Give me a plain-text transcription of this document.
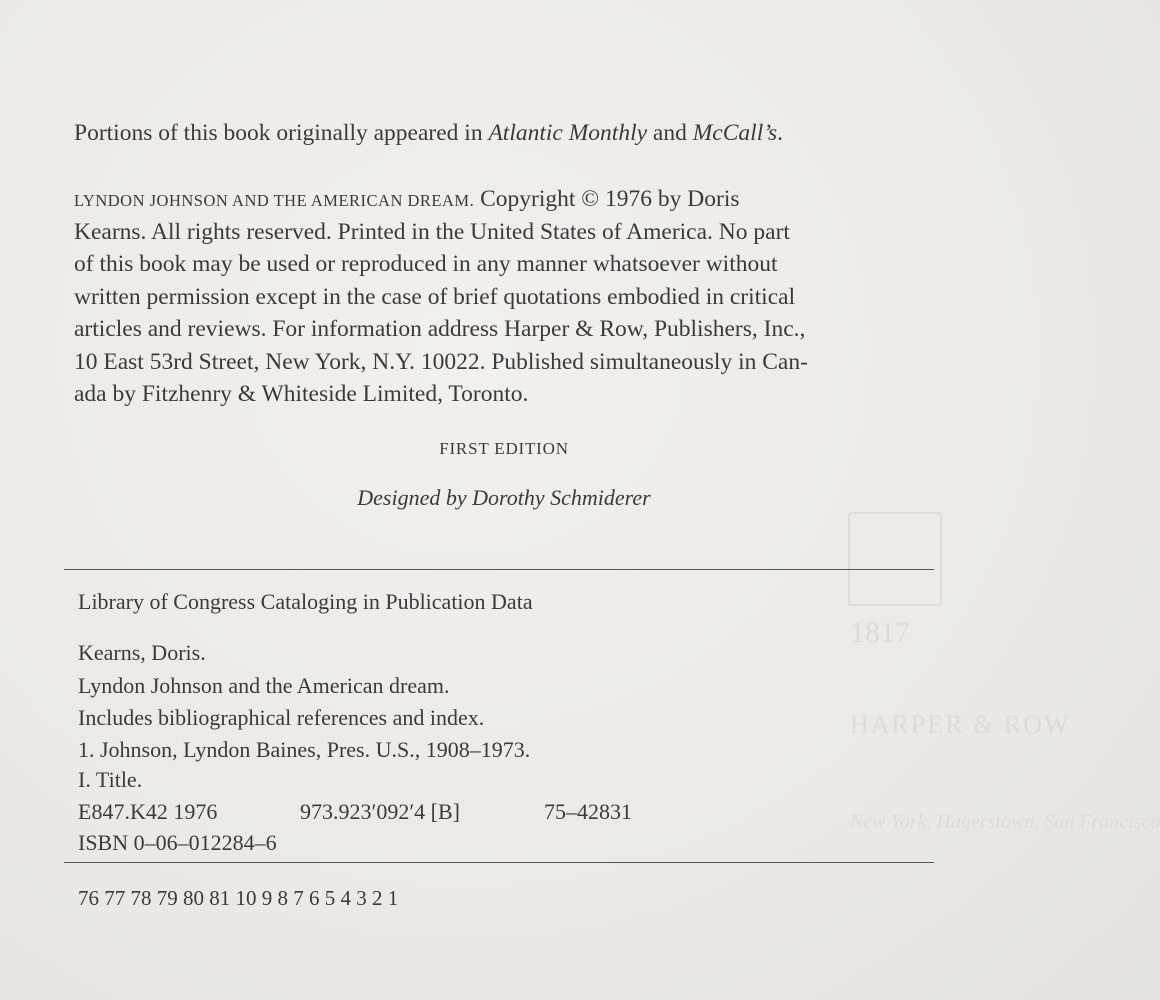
1817
HARPER & ROW
New York, Hagerstown, San Francisco
Portions of this book originally appeared in Atlantic Monthly and McCall’s.
LYNDON JOHNSON AND THE AMERICAN DREAM. Copyright © 1976 by Doris
Kearns. All rights reserved. Printed in the United States of America. No part
of this book may be used or reproduced in any manner whatsoever without
written permission except in the case of brief quotations embodied in critical
articles and reviews. For information address Harper & Row, Publishers, Inc.,
10 East 53rd Street, New York, N.Y. 10022. Published simultaneously in Can-
ada by Fitzhenry & Whiteside Limited, Toronto.
FIRST EDITION
Designed by Dorothy Schmiderer
Library of Congress Cataloging in Publication Data
Kearns, Doris.
Lyndon Johnson and the American dream.
Includes bibliographical references and index.
1. Johnson, Lyndon Baines, Pres. U.S., 1908–1973.
I. Title.
E847.K42 1976	973.923′092′4 [B]	75–42831
ISBN 0–06–012284–6
76 77 78 79 80 81 10 9 8 7 6 5 4 3 2 1
